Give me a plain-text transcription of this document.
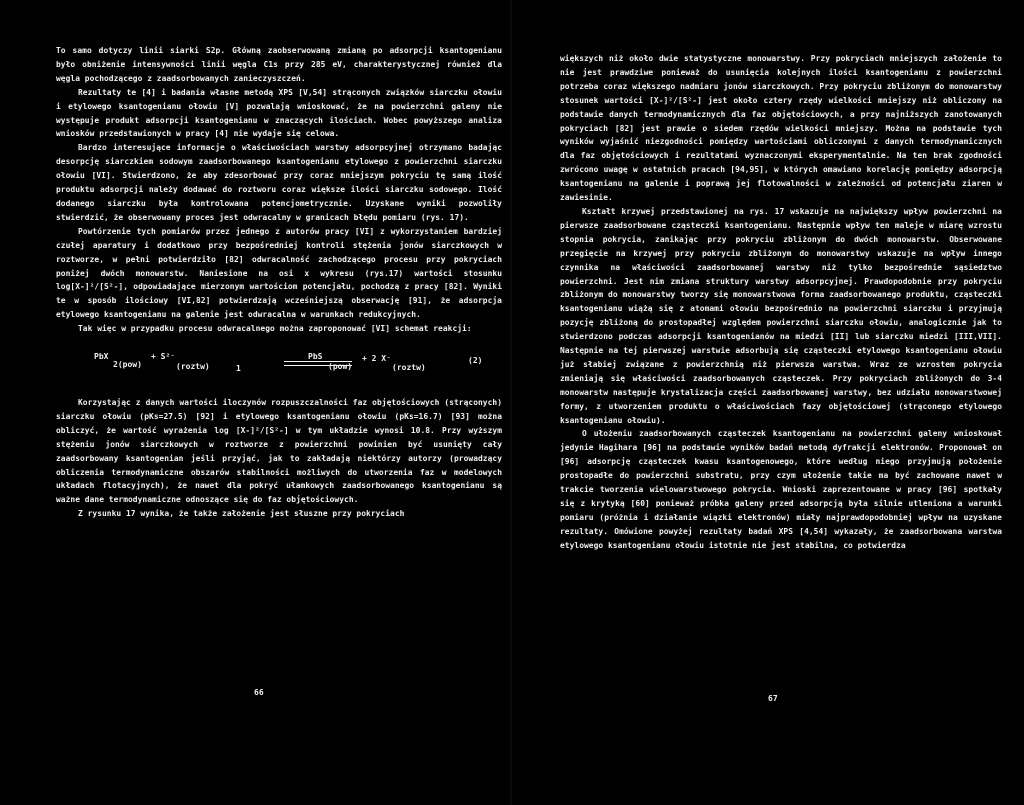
To samo dotyczy linii siarki S2p. Główną zaobserwowaną zmianą po adsorpcji ksantogenianu było obniżenie intensywności linii węgla C1s przy 285 eV, charakterystycznej również dla węgla pochodzącego z zaadsorbowanych zanieczyszczeń.

Rezultaty te [4] i badania własne metodą XPS [V,54] strąconych związków siarczku ołowiu i etylowego ksantogenianu ołowiu [V] pozwalają wnioskować, że na powierzchni galeny nie występuje produkt adsorpcji ksantogenianu w znaczących ilościach. Wobec powyższego analiza wniosków przedstawionych w pracy [4] nie wydaje się celowa.

Bardzo interesujące informacje o właściwościach warstwy adsorpcyjnej otrzymano badając desorpcję siarczkiem sodowym zaadsorbowanego ksantogenianu etylowego z powierzchni siarczku ołowiu [VI]. Stwierdzono, że aby zdesorbować przy coraz mniejszym pokryciu tę samą ilość produktu adsorpcji należy dodawać do roztworu coraz większe ilości siarczku sodowego. Ilość dodanego siarczku była kontrolowana potencjometrycznie. Uzyskane wyniki pozwoliły stwierdzić, że obserwowany proces jest odwracalny w granicach błędu pomiaru (rys. 17).

Powtórzenie tych pomiarów przez jednego z autorów pracy [VI] z wykorzystaniem bardziej czułej aparatury i dodatkowo przy bezpośredniej kontroli stężenia jonów siarczkowych w roztworze, w pełni potwierdziło [82] odwracalność zachodzącego procesu przy pokryciach poniżej dwóch monowarstw. Naniesione na osi x wykresu (rys.17) wartości stosunku log[X-]²/[S²-], odpowiadające mierzonym wartościom potencjału, pochodzą z pracy [82]. Wyniki te w sposób ilościowy [VI,82] potwierdzają wcześniejszą obserwację [91], że adsorpcja etylowego ksantogenianu na galenie jest odwracalna w warunkach redukcyjnych.

Tak więc w przypadku procesu odwracalnego można zaproponować [VI] schemat reakcji:

PbX
2(pow)
+ S²⁻
(roztw)	1
PbS
(pow)
+ 2 X⁻
(roztw)
(2)

Korzystając z danych wartości iloczynów rozpuszczalności faz objętościowych (strąconych) siarczku ołowiu (pKs=27.5) [92] i etylowego ksantogenianu ołowiu (pKs=16.7) [93] można obliczyć, że wartość wyrażenia log [X-]²/[S²-] w tym układzie wynosi 10.8. Przy wyższym stężeniu jonów siarczkowych w roztworze z powierzchni powinien być usunięty cały zaadsorbowany ksantogenian jeśli przyjąć, jak to zakładają niektórzy autorzy (prowadzący obliczenia termodynamiczne obszarów stabilności możliwych do utworzenia faz w modelowych układach flotacyjnych), że nawet dla pokryć ułamkowych zaadsorbowanego ksantogenianu są ważne dane termodynamiczne odnoszące się do faz objętościowych.

Z rysunku 17 wynika, że także założenie jest słuszne przy pokryciach

66

większych niż około dwie statystyczne monowarstwy. Przy pokryciach mniejszych założenie to nie jest prawdziwe ponieważ do usunięcia kolejnych ilości ksantogenianu z powierzchni potrzeba coraz większego nadmiaru jonów siarczkowych. Przy pokryciu zbliżonym do monowarstwy stosunek wartości [X-]²/[S²-] jest około cztery rzędy wielkości mniejszy niż obliczony na podstawie danych termodynamicznych dla faz objętościowych, a przy najniższych zanotowanych pokryciach [82] jest prawie o siedem rzędów wielkości mniejszy. Można na podstawie tych wyników wyjaśnić niezgodności pomiędzy wartościami obliczonymi z danych termodynamicznych dla faz objętościowych i rezultatami wyznaczonymi eksperymentalnie. Na ten brak zgodności zwrócono uwagę w ostatnich pracach [94,95], w których omawiano korelację pomiędzy adsorpcją ksantogenianu na galenie i poprawą jej flotowalności w zależności od potencjału ziaren w zawiesinie.

Kształt krzywej przedstawionej na rys. 17 wskazuje na największy wpływ powierzchni na pierwsze zaadsorbowane cząsteczki ksantogenianu. Następnie wpływ ten maleje w miarę wzrostu stopnia pokrycia, zanikając przy pokryciu zbliżonym do dwóch monowarstw. Obserwowane przegięcie na krzywej przy pokryciu zbliżonym do monowarstwy wskazuje na wpływ innego czynnika na właściwości zaadsorbowanej warstwy niż tylko bezpośrednie sąsiedztwo powierzchni. Jest nim zmiana struktury warstwy adsorpcyjnej. Prawdopodobnie przy pokryciu zbliżonym do monowarstwy tworzy się monowarstwowa forma zaadsorbowanego produktu, cząsteczki ksantogenianu wiążą się z atomami ołowiu bezpośrednio na powierzchni siarczku i przyjmują pozycję zbliżoną do prostopadłej względem powierzchni siarczku ołowiu, analogicznie jak to stwierdzono podczas adsorpcji ksantogenianów na miedzi [II] lub siarczku miedzi [III,VII]. Następnie na tej pierwszej warstwie adsorbują się cząsteczki etylowego ksantogenianu ołowiu już słabiej związane z powierzchnią niż pierwsza warstwa. Wraz ze wzrostem pokrycia zmieniają się właściwości zaadsorbowanych cząsteczek. Przy pokryciach zbliżonych do 3-4 monowarstw następuje krystalizacja części zaadsorbowanej warstwy, bez udziału monowarstwowej formy, z utworzeniem produktu o właściwościach fazy objętościowej (strąconego etylowego ksantogenianu ołowiu).

O ułożeniu zaadsorbowanych cząsteczek ksantogenianu na powierzchni galeny wnioskował jedynie Hagihara [96] na podstawie wyników badań metodą dyfrakcji elektronów. Proponował on [96] adsorpcję cząsteczek kwasu ksantogenowego, które według niego przyjmują położenie prostopadłe do powierzchni substratu, przy czym ułożenie takie ma być zachowane nawet w trakcie tworzenia wielowarstwowego pokrycia. Wnioski zaprezentowane w pracy [96] spotkały się z krytyką [60] ponieważ próbka galeny przed adsorpcją była silnie utleniona a warunki pomiaru (próżnia i działanie wiązki elektronów) miały najprawdopodobniej wpływ na uzyskane rezultaty. Omówione powyżej rezultaty badań XPS [4,54] wykazały, że zaadsorbowana warstwa etylowego ksantogenianu ołowiu istotnie nie jest stabilna, co potwierdza

67
